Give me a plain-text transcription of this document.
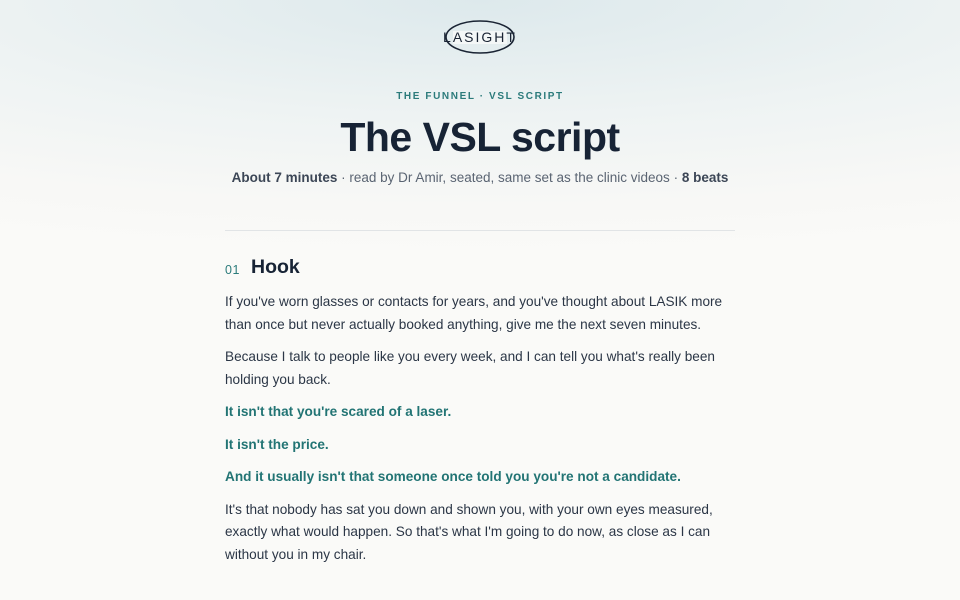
LASIGHT
THE FUNNEL · VSL SCRIPT
The VSL script
About 7 minutes · read by Dr Amir, seated, same set as the clinic videos · 8 beats
01 Hook

If you've worn glasses or contacts for years, and you've thought about LASIK more than once but never actually booked anything, give me the next seven minutes.

Because I talk to people like you every week, and I can tell you what's really been holding you back.

It isn't that you're scared of a laser.

It isn't the price.

And it usually isn't that someone once told you you're not a candidate.

It's that nobody has sat you down and shown you, with your own eyes measured, exactly what would happen. So that's what I'm going to do now, as close as I can without you in my chair.
